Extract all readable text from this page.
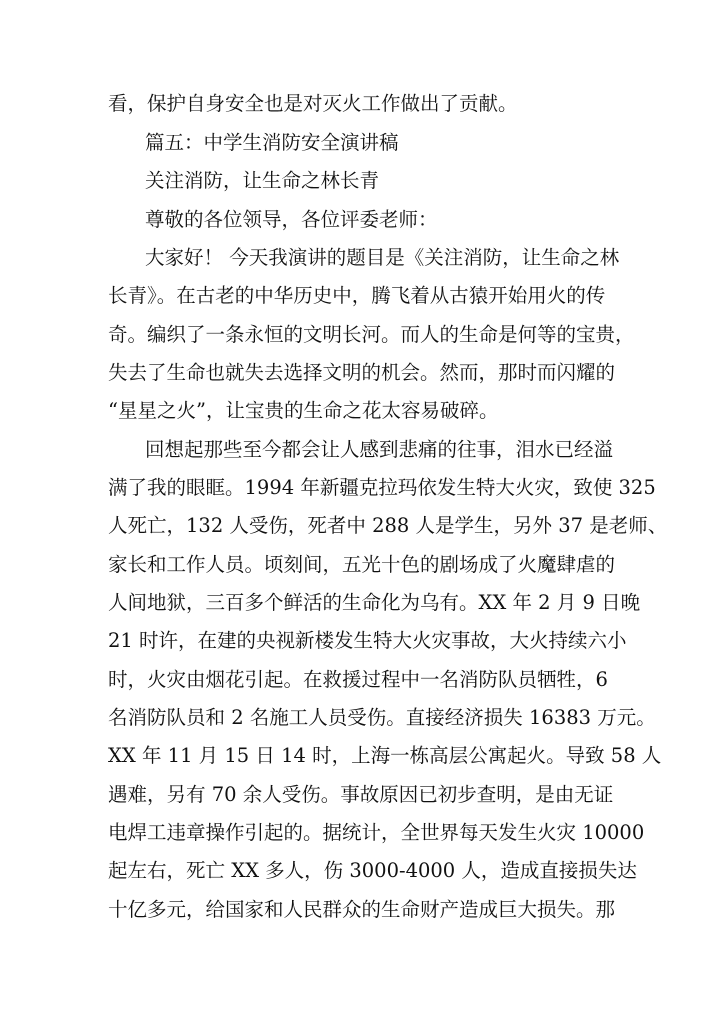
看，保护自身安全也是对灭火工作做出了贡献。
篇五：中学生消防安全演讲稿
关注消防，让生命之林长青
尊敬的各位领导，各位评委老师：
大家好！ 今天我演讲的题目是《关注消防，让生命之林
长青》。在古老的中华历史中，腾飞着从古猿开始用火的传
奇。编织了一条永恒的文明长河。而人的生命是何等的宝贵，
失去了生命也就失去选择文明的机会。然而，那时而闪耀的
“星星之火”，让宝贵的生命之花太容易破碎。
回想起那些至今都会让人感到悲痛的往事，泪水已经溢
满了我的眼眶。1994 年新疆克拉玛依发生特大火灾，致使 325
人死亡，132 人受伤，死者中 288 人是学生，另外 37 是老师、
家长和工作人员。顷刻间，五光十色的剧场成了火魔肆虐的
人间地狱，三百多个鲜活的生命化为乌有。XX 年 2 月 9 日晚
21 时许，在建的央视新楼发生特大火灾事故，大火持续六小
时，火灾由烟花引起。在救援过程中一名消防队员牺牲，6
名消防队员和 2 名施工人员受伤。直接经济损失 16383 万元。
XX 年 11 月 15 日 14 时，上海一栋高层公寓起火。导致 58 人
遇难，另有 70 余人受伤。事故原因已初步查明，是由无证
电焊工违章操作引起的。据统计，全世界每天发生火灾 10000
起左右，死亡 XX 多人，伤 3000-4000 人，造成直接损失达
十亿多元，给国家和人民群众的生命财产造成巨大损失。那
